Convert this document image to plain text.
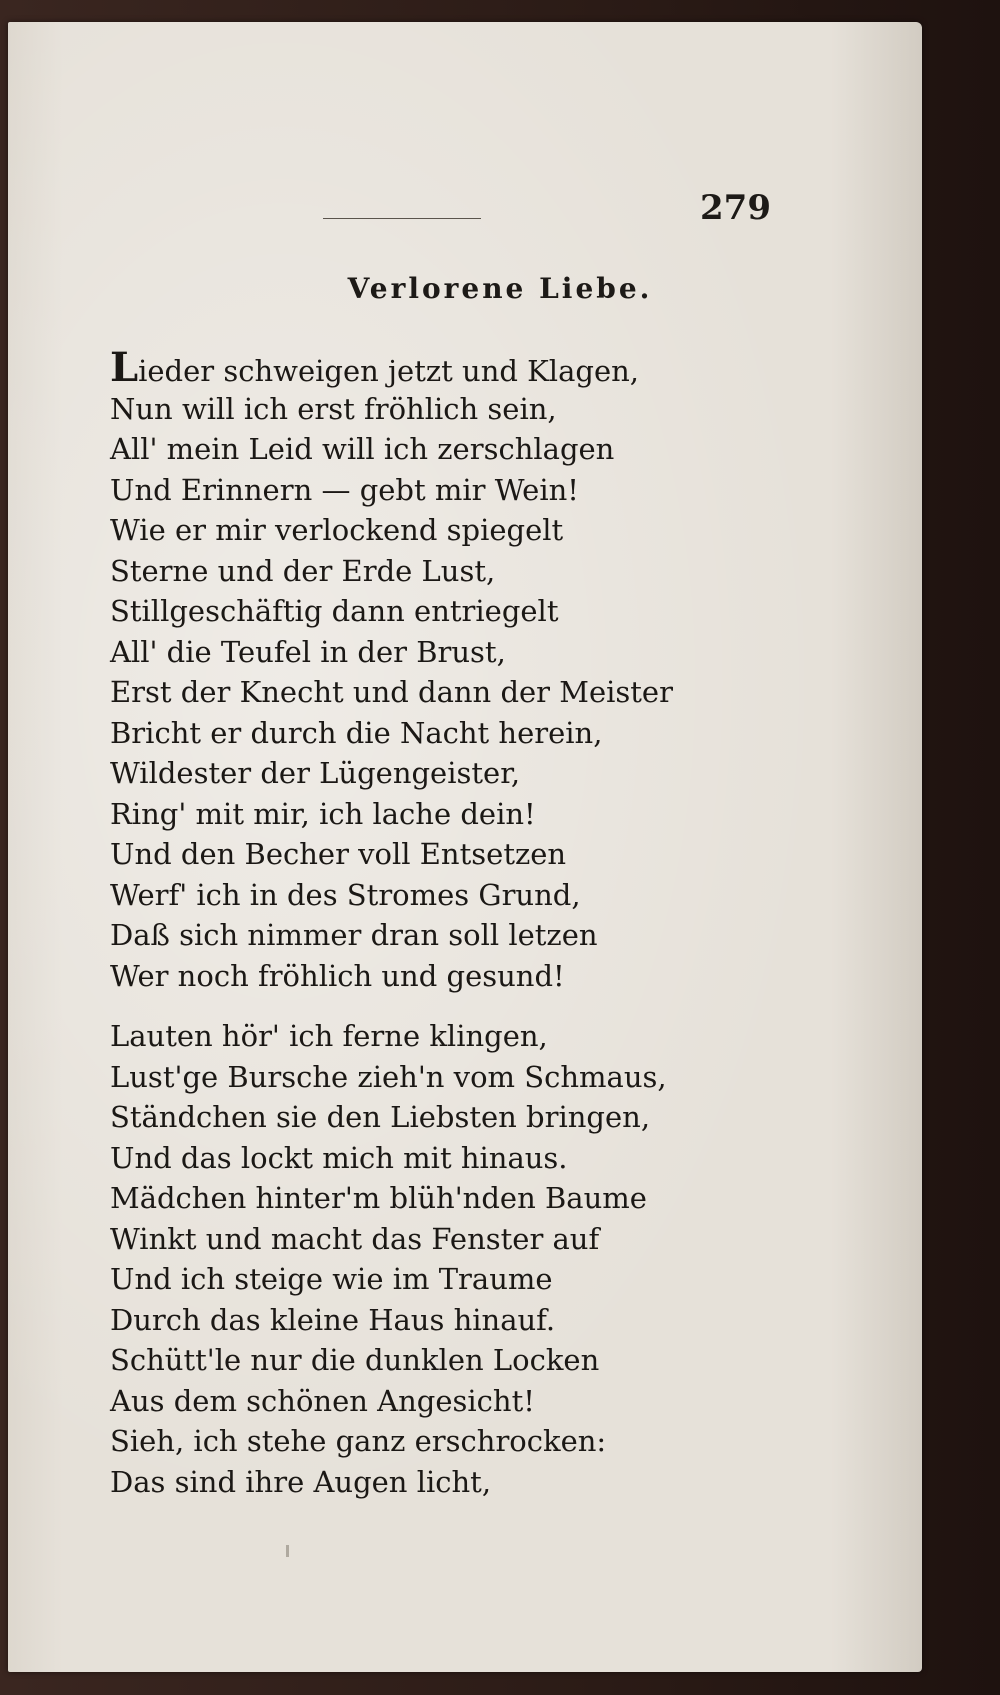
279
Verlorene Liebe.
Lieder schweigen jetzt und Klagen,
Nun will ich erst fröhlich sein,
All' mein Leid will ich zerschlagen
Und Erinnern — gebt mir Wein!
Wie er mir verlockend spiegelt
Sterne und der Erde Lust,
Stillgeschäftig dann entriegelt
All' die Teufel in der Brust,
Erst der Knecht und dann der Meister
Bricht er durch die Nacht herein,
Wildester der Lügengeister,
Ring' mit mir, ich lache dein!
Und den Becher voll Entsetzen
Werf' ich in des Stromes Grund,
Daß sich nimmer dran soll letzen
Wer noch fröhlich und gesund!
Lauten hör' ich ferne klingen,
Lust'ge Bursche zieh'n vom Schmaus,
Ständchen sie den Liebsten bringen,
Und das lockt mich mit hinaus.
Mädchen hinter'm blüh'nden Baume
Winkt und macht das Fenster auf
Und ich steige wie im Traume
Durch das kleine Haus hinauf.
Schütt'le nur die dunklen Locken
Aus dem schönen Angesicht!
Sieh, ich stehe ganz erschrocken:
Das sind ihre Augen licht,
